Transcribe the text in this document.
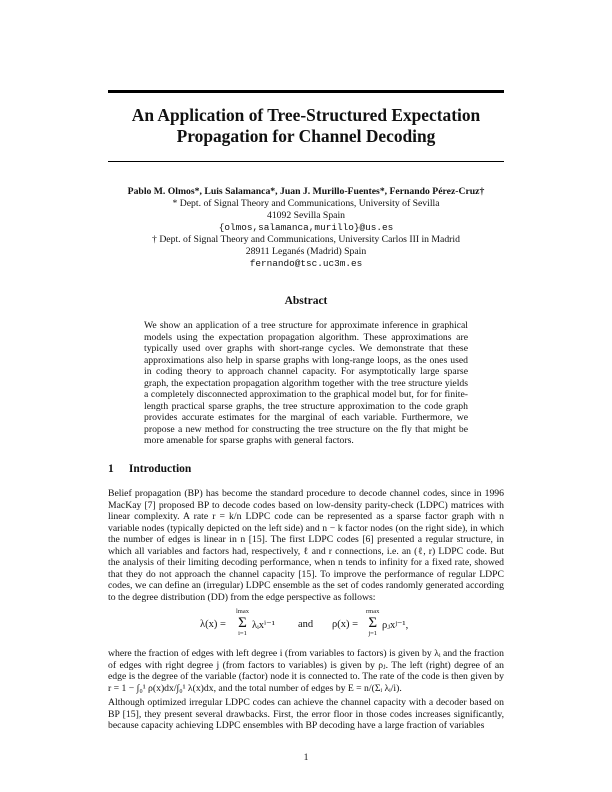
An Application of Tree-Structured Expectation Propagation for Channel Decoding
Pablo M. Olmos*, Luis Salamanca*, Juan J. Murillo-Fuentes*, Fernando Pérez-Cruz†
* Dept. of Signal Theory and Communications, University of Sevilla
41092 Sevilla Spain
{olmos,salamanca,murillo}@us.es
† Dept. of Signal Theory and Communications, University Carlos III in Madrid
28911 Leganés (Madrid) Spain
fernando@tsc.uc3m.es
Abstract
We show an application of a tree structure for approximate inference in graphical models using the expectation propagation algorithm. These approximations are typically used over graphs with short-range cycles. We demonstrate that these approximations also help in sparse graphs with long-range loops, as the ones used in coding theory to approach channel capacity. For asymptotically large sparse graph, the expectation propagation algorithm together with the tree structure yields a completely disconnected approximation to the graphical model but, for for finite-length practical sparse graphs, the tree structure approximation to the code graph provides accurate estimates for the marginal of each variable. Furthermore, we propose a new method for constructing the tree structure on the fly that might be more amenable for sparse graphs with general factors.
1 Introduction
Belief propagation (BP) has become the standard procedure to decode channel codes, since in 1996 MacKay [7] proposed BP to decode codes based on low-density parity-check (LDPC) matrices with linear complexity. A rate r = k/n LDPC code can be represented as a sparse factor graph with n variable nodes (typically depicted on the left side) and n − k factor nodes (on the right side), in which the number of edges is linear in n [15]. The first LDPC codes [6] presented a regular structure, in which all variables and factors had, respectively, ℓ and r connections, i.e. an (ℓ, r) LDPC code. But the analysis of their limiting decoding performance, when n tends to infinity for a fixed rate, showed that they do not approach the channel capacity [15]. To improve the performance of regular LDPC codes, we can define an (irregular) LDPC ensemble as the set of codes randomly generated according to the degree distribution (DD) from the edge perspective as follows:
λ(x) =
lmax
Σ
i=1
λᵢxⁱ⁻¹ and ρ(x) =
rmax
Σ
j=1
ρⱼxʲ⁻¹,
where the fraction of edges with left degree i (from variables to factors) is given by λᵢ and the fraction of edges with right degree j (from factors to variables) is given by ρⱼ. The left (right) degree of an edge is the degree of the variable (factor) node it is connected to. The rate of the code is then given by r = 1 − ∫₀¹ ρ(x)dx/∫₀¹ λ(x)dx, and the total number of edges by E = n/(Σᵢ λᵢ/i).
Although optimized irregular LDPC codes can achieve the channel capacity with a decoder based on BP [15], they present several drawbacks. First, the error floor in those codes increases significantly, because capacity achieving LDPC ensembles with BP decoding have a large fraction of variables
1
